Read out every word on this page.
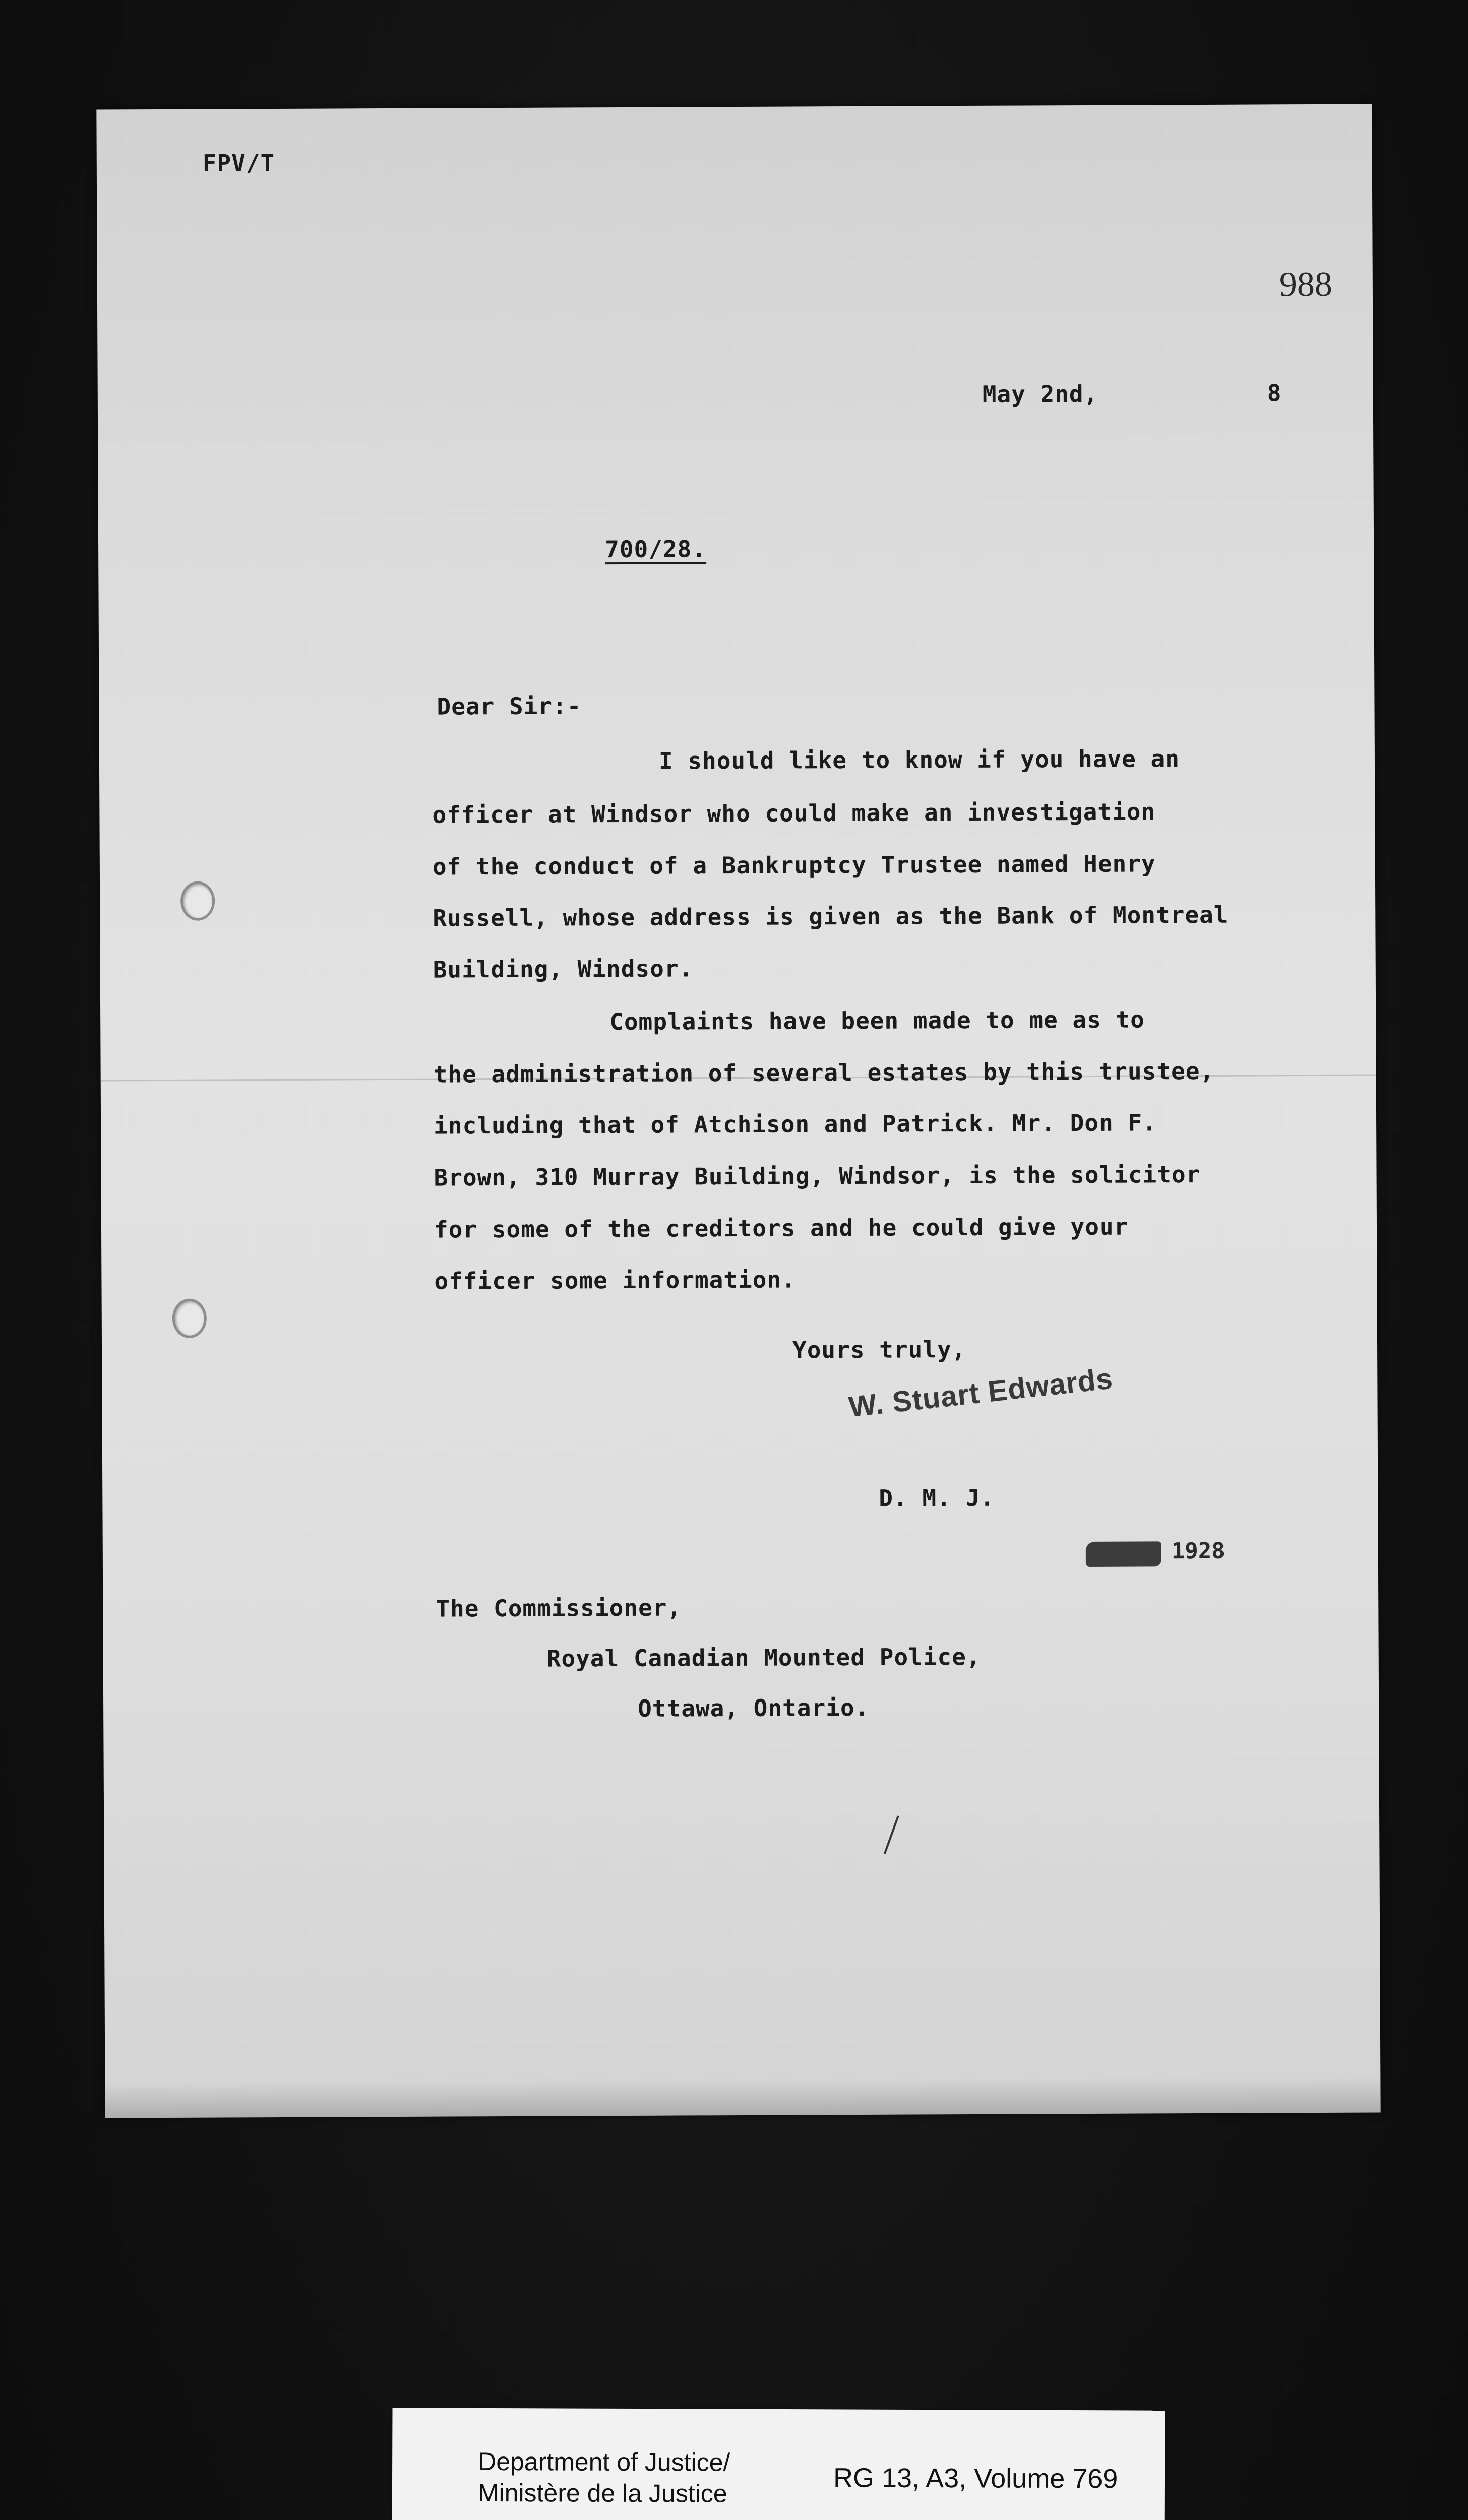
FPV/T
988
May 2nd,	8
700/28.
Dear Sir:-
I should like to know if you have an
officer at Windsor who could make an investigation
of the conduct of a Bankruptcy Trustee named Henry
Russell, whose address is given as the Bank of Montreal
Building, Windsor.
Complaints have been made to me as to
the administration of several estates by this trustee,
including that of Atchison and Patrick. Mr. Don F.
Brown, 310 Murray Building, Windsor, is the solicitor
for some of the creditors and he could give your
officer some information.
Yours truly,
W. Stuart Edwards
D. M. J.
1928
The Commissioner,
Royal Canadian Mounted Police,
Ottawa, Ontario.
Department of Justice/
Ministère de la Justice	RG 13, A3, Volume 769
